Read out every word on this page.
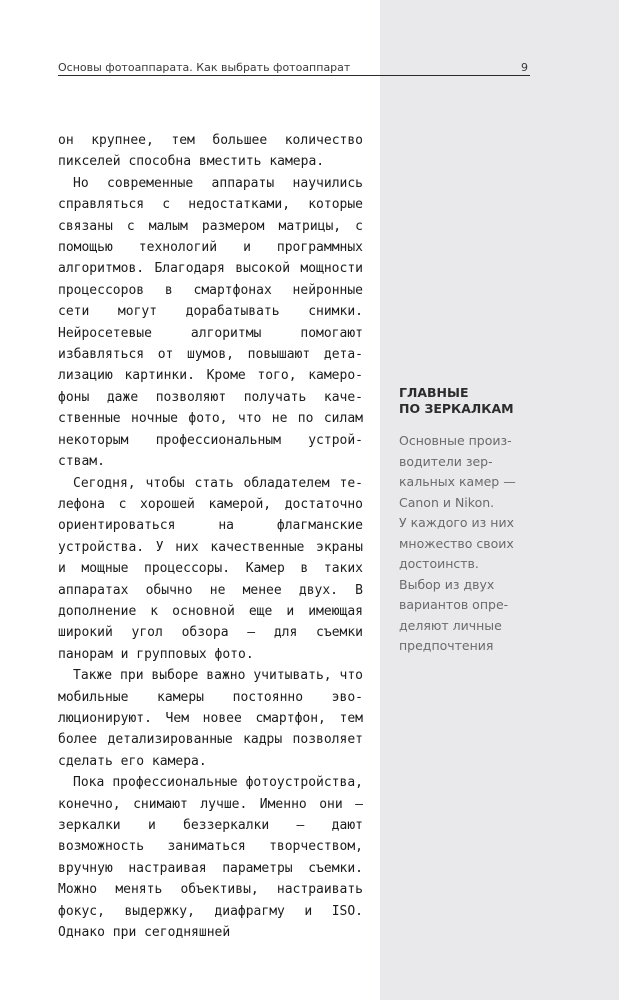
Основы фотоаппарата. Как выбрать фотоаппарат	9

он крупнее, тем большее количество пикселей способна вместить камера.

Но современные аппараты научились справляться с недостатками, которые связаны с малым размером матрицы, с помощью технологий и программных алгоритмов. Благодаря высокой мощности процессоров в смартфонах нейронные сети могут дорабатывать снимки. Нейросетевые алгоритмы помогают избавляться от шумов, повышают детализацию картинки. Кроме того, камерофоны даже позволяют получать качественные ночные фото, что не по силам некоторым профессиональным устройствам.

Сегодня, чтобы стать обладателем телефона с хорошей камерой, достаточно ориентироваться на флагманские устройства. У них качественные экраны и мощные процессоры. Камер в таких аппаратах обычно не менее двух. В дополнение к основной еще и имеющая широкий угол обзора — для съемки панорам и групповых фото.

Также при выборе важно учитывать, что мобильные камеры постоянно эволюционируют. Чем новее смартфон, тем более детализированные кадры позволяет сделать его камера.

Пока профессиональные фотоустройства, конечно, снимают лучше. Именно они — зеркалки и беззеркалки — дают возможность заниматься творчеством, вручную настраивая параметры съемки. Можно менять объективы, настраивать фокус, выдержку, диафрагму и ISO. Однако при сегодняшней

ГЛАВНЫЕ
ПО ЗЕРКАЛКАМ
Основные произ-
водители зер-
кальных камер —
Canon и Nikon.
У каждого из них
множество своих
достоинств.
Выбор из двух
вариантов опре-
деляют личные
предпочтения
